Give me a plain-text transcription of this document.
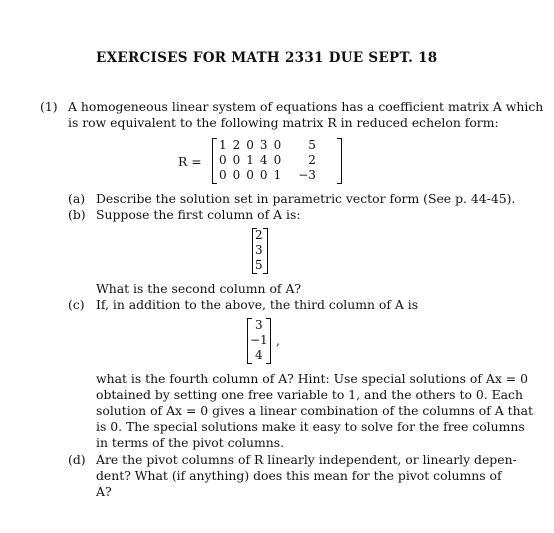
EXERCISES FOR MATH 2331 DUE SEPT. 18
(1) A homogeneous linear system of equations has a coefficient matrix A which
is row equivalent to the following matrix R in reduced echelon form:
R =
1	2	0	3	0	5
0	0	1	4	0	2
0	0	0	0	1	−3
(a) Describe the solution set in parametric vector form (See p. 44-45).
(b) Suppose the first column of A is:
2
3
5
What is the second column of A?
(c) If, in addition to the above, the third column of A is
3
−1
4
,
what is the fourth column of A? Hint: Use special solutions of Ax = 0
obtained by setting one free variable to 1, and the others to 0. Each
solution of Ax = 0 gives a linear combination of the columns of A that
is 0. The special solutions make it easy to solve for the free columns
in terms of the pivot columns.
(d) Are the pivot columns of R linearly independent, or linearly depen-
dent? What (if anything) does this mean for the pivot columns of
A?
